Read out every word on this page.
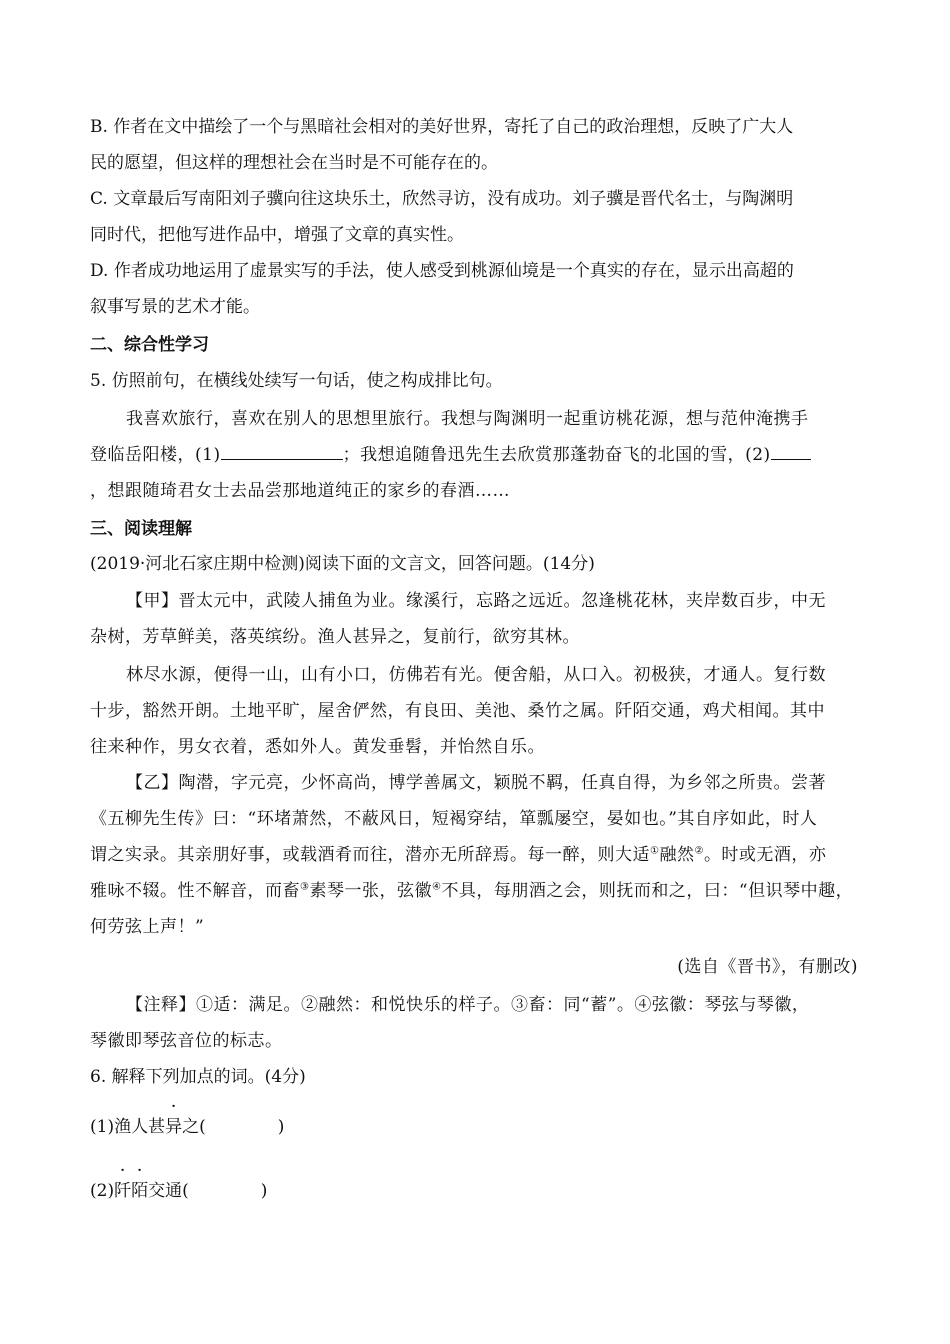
B. 作者在文中描绘了一个与黑暗社会相对的美好世界，寄托了自己的政治理想，反映了广大人
民的愿望，但这样的理想社会在当时是不可能存在的。
C. 文章最后写南阳刘子骥向往这块乐土，欣然寻访，没有成功。刘子骥是晋代名士，与陶渊明
同时代，把他写进作品中，增强了文章的真实性。
D. 作者成功地运用了虚景实写的手法，使人感受到桃源仙境是一个真实的存在，显示出高超的
叙事写景的艺术才能。
二、综合性学习
5. 仿照前句，在横线处续写一句话，使之构成排比句。
我喜欢旅行，喜欢在别人的思想里旅行。我想与陶渊明一起重访桃花源，想与范仲淹携手
登临岳阳楼，(1)	；我想追随鲁迅先生去欣赏那蓬勃奋飞的北国的雪，(2)
，想跟随琦君女士去品尝那地道纯正的家乡的春酒……
三、阅读理解
(2019·河北石家庄期中检测)阅读下面的文言文，回答问题。(14分)
【甲】晋太元中，武陵人捕鱼为业。缘溪行，忘路之远近。忽逢桃花林，夹岸数百步，中无
杂树，芳草鲜美，落英缤纷。渔人甚异之，复前行，欲穷其林。
林尽水源，便得一山，山有小口，仿佛若有光。便舍船，从口入。初极狭，才通人。复行数
十步，豁然开朗。土地平旷，屋舍俨然，有良田、美池、桑竹之属。阡陌交通，鸡犬相闻。其中
往来种作，男女衣着，悉如外人。黄发垂髫，并怡然自乐。
【乙】陶潜，字元亮，少怀高尚，博学善属文，颖脱不羁，任真自得，为乡邻之所贵。尝著
《五柳先生传》曰：“环堵萧然，不蔽风日，短褐穿结，箪瓢屡空，晏如也。”其自序如此，时人
谓之实录。其亲朋好事，或载酒肴而往，潜亦无所辞焉。每一醉，则大适①融然②。时或无酒，亦
雅咏不辍。性不解音，而畜③素琴一张，弦徽④不具，每朋酒之会，则抚而和之，曰：“但识琴中趣，
何劳弦上声！”
(选自《晋书》，有删改)
【注释】①适：满足。②融然：和悦快乐的样子。③畜：同“蓄”。④弦徽：琴弦与琴徽，
琴徽即琴弦音位的标志。
6. 解释下列加点的词。(4分)
(1)渔人甚异之(	)
(2)阡陌交通(	)
